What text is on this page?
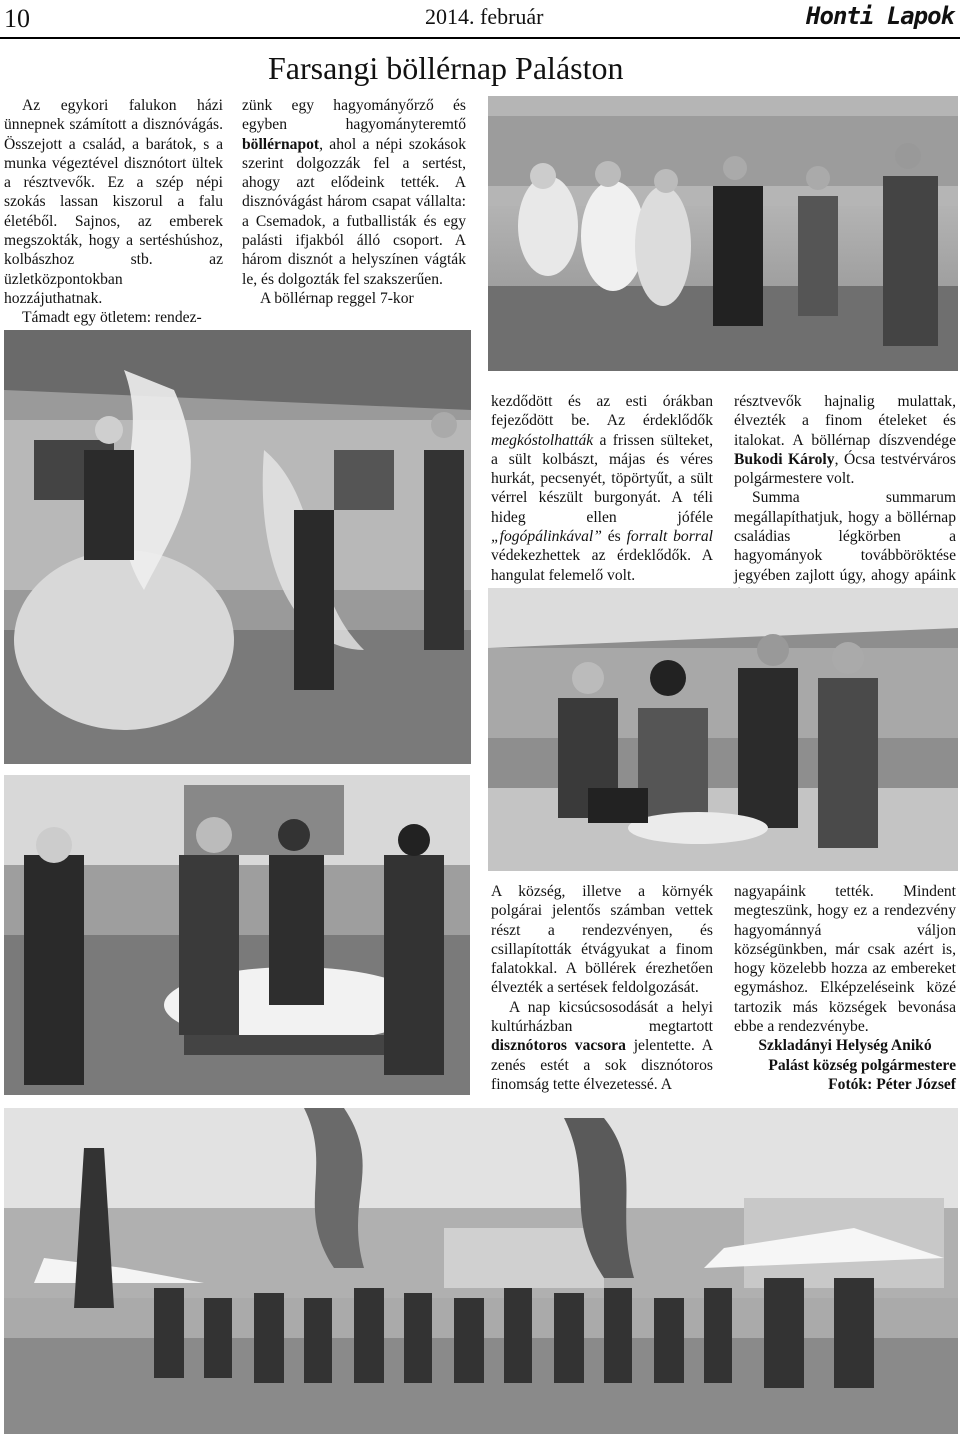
10	2014. február	Honti Lapok
Farsangi böllérnap Paláston

Az egykori falukon házi ünnepnek számított a disznóvágás. Összejott a család, a barátok, s a munka végeztével disznótort ültek a résztvevők. Ez a szép népi szokás lassan kiszorul a falu életéből. Sajnos, az emberek megszokták, hogy a sertéshúshoz, kolbászhoz stb. az üzletközpontokban hozzájuthatnak.

Támadt egy ötletem: rendez-

zünk egy hagyományőrző és egyben hagyományteremtő böllérnapot, ahol a népi szokások szerint dolgozzák fel a sertést, ahogy azt elődeink tették. A disznóvágást három csapat vállalta: a Csemadok, a futballisták és egy palásti ifjakból álló csoport. A három disznót a helyszínen vágták le, és dolgozták fel szakszerűen.

A böllérnap reggel 7-kor

kezdődött és az esti órákban fejeződött be. Az érdeklődők megkóstolhatták a frissen sülteket, a sült kolbászt, májas és véres hurkát, pecsenyét, töpörtyűt, a sült vérrel készült burgonyát. A téli hideg ellen jóféle „fogópálinkával” és forralt borral védekezhettek az érdeklődők. A hangulat felemelő volt.

résztvevők hajnalig mulattak, élvezték a finom ételeket és italokat. A böllérnap díszvendége Bukodi Károly, Ócsa testvérváros polgármestere volt.

Summa summarum megállapíthatjuk, hogy a böllérnap családias légkörben a hagyományok továbböröktése jegyében zajlott úgy, ahogy apáink

A község, illetve a környék polgárai jelentős számban vettek részt a rendezvényen, és csillapították étvágyukat a finom falatokkal. A böllérek érezhetően élvezték a sertések feldolgozását.

A nap kicsúcsosodását a helyi kultúrházban megtartott disznótoros vacsora jelentette. A zenés estét a sok disznótoros finomság tette élvezetessé. A

nagyapáink tették. Mindent megteszünk, hogy ez a rendezvény hagyománnyá váljon községünkben, már csak azért is, hogy közelebb hozza az embereket egymáshoz. Elképzeléseink közé tartozik más községek bevonása ebbe a rendezvénybe.

Szkladányi Helység Anikó

Palást község polgármestere

Fotók: Péter József
